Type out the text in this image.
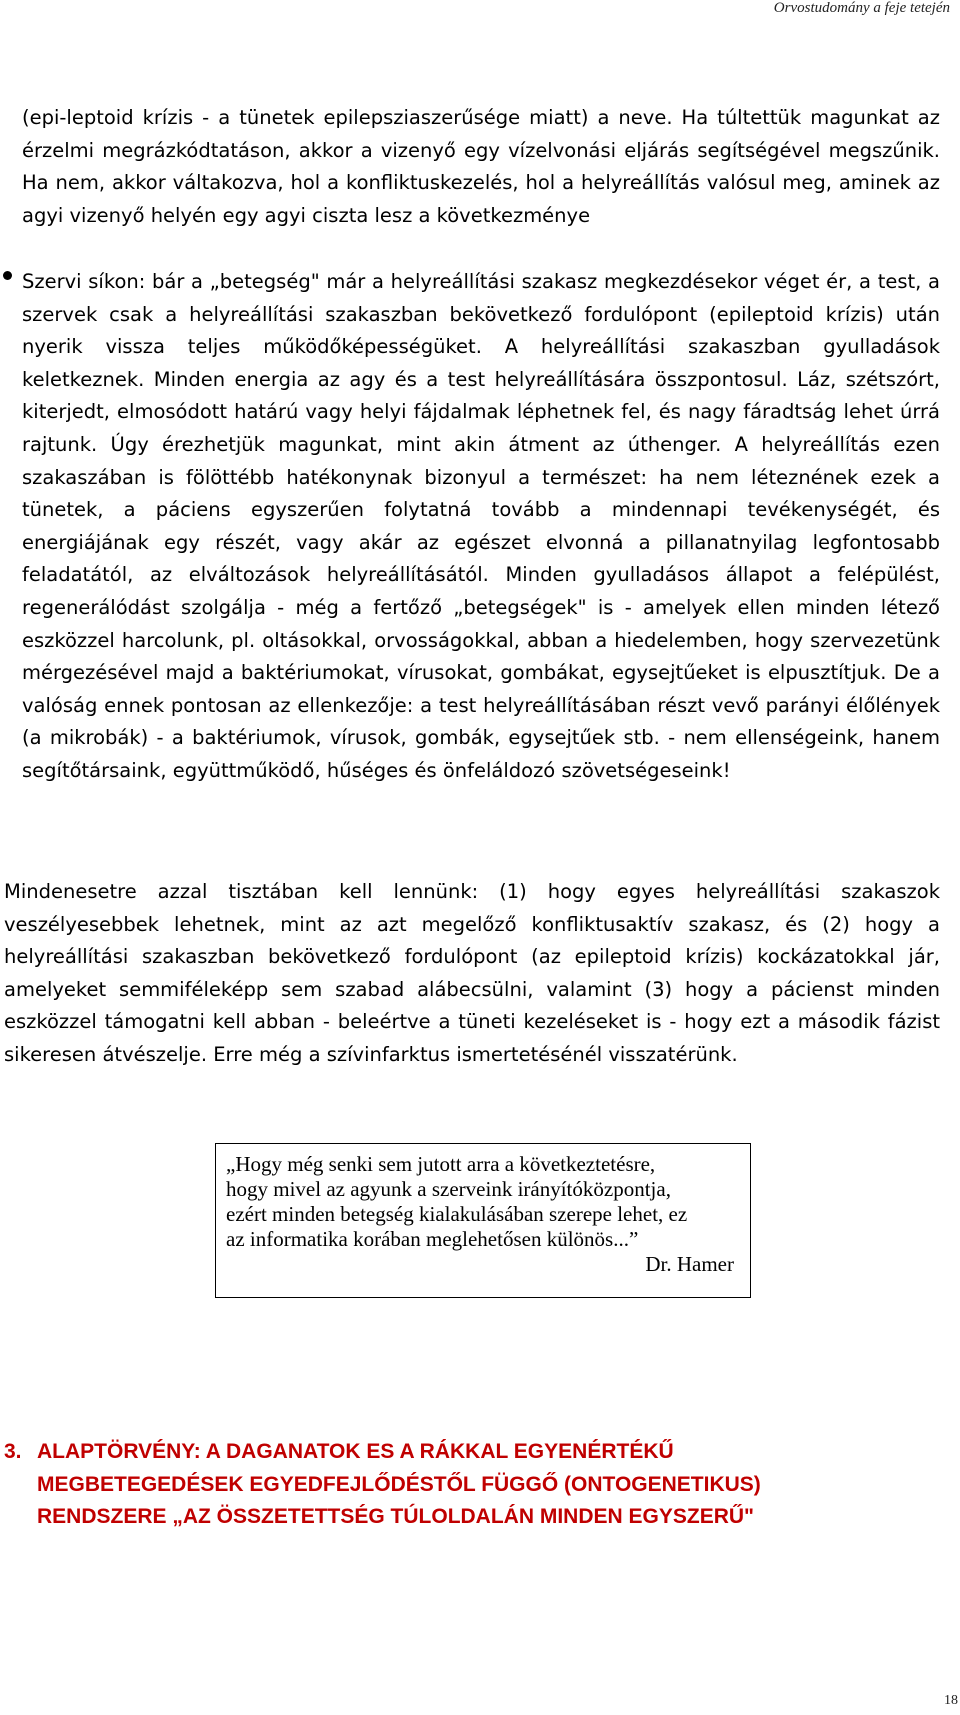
Orvostudomány a feje tetején

(epi-leptoid krízis - a tünetek epilepsziaszerűsége miatt) a neve. Ha túltettük magunkat az érzelmi megrázkódtatáson, akkor a vizenyő egy vízelvonási eljárás segítségével megszűnik. Ha nem, akkor váltakozva, hol a konfliktuskezelés, hol a helyreállítás valósul meg, aminek az agyi vizenyő helyén egy agyi ciszta lesz a következménye

Szervi síkon: bár a „betegség" már a helyreállítási szakasz megkezdésekor véget ér, a test, a szervek csak a helyreállítási szakaszban bekövetkező fordulópont (epileptoid krízis) után nyerik vissza teljes működőképességüket. A helyreállítási szakaszban gyulladások keletkeznek. Minden energia az agy és a test helyreállítására összpontosul. Láz, szétszórt, kiterjedt, elmosódott határú vagy helyi fájdalmak léphetnek fel, és nagy fáradtság lehet úrrá rajtunk. Úgy érezhetjük magunkat, mint akin átment az úthenger. A helyreállítás ezen szakaszában is fölöttébb hatékonynak bizonyul a természet: ha nem léteznének ezek a tünetek, a páciens egyszerűen folytatná tovább a mindennapi tevékenységét, és energiájának egy részét, vagy akár az egészet elvonná a pillanatnyilag legfontosabb feladatától, az elváltozások helyreállításától. Minden gyulladásos állapot a felépülést, regenerálódást szolgálja - még a fertőző „betegségek" is - amelyek ellen minden létező eszközzel harcolunk, pl. oltásokkal, orvosságokkal, abban a hiedelemben, hogy szervezetünk mérgezésével majd a baktériumokat, vírusokat, gombákat, egysejtűeket is elpusztítjuk. De a valóság ennek pontosan az ellenkezője: a test helyreállításában részt vevő parányi élőlények (a mikrobák) - a baktériumok, vírusok, gombák, egysejtűek stb. - nem ellenségeink, hanem segítőtársaink, együttműködő, hűséges és önfeláldozó szövetségeseink!

Mindenesetre azzal tisztában kell lennünk: (1) hogy egyes helyreállítási szakaszok veszélyesebbek lehetnek, mint az azt megelőző konfliktusaktív szakasz, és (2) hogy a helyreállítási szakaszban bekövetkező fordulópont (az epileptoid krízis) kockázatokkal jár, amelyeket semmiféleképp sem szabad alábecsülni, valamint (3) hogy a pácienst minden eszközzel támogatni kell abban - beleértve a tüneti kezeléseket is - hogy ezt a második fázist sikeresen átvészelje. Erre még a szívinfarktus ismertetésénél visszatérünk.

„Hogy még senki sem jutott arra a következtetésre,
hogy mivel az agyunk a szerveink irányítóközpontja,
ezért minden betegség kialakulásában szerepe lehet, ez
az informatika korában meglehetősen különös...”
Dr. Hamer
3. ALAPTÖRVÉNY: A DAGANATOK ES A RÁKKAL EGYENÉRTÉKŰ
MEGBETEGEDÉSEK EGYEDFEJLŐDÉSTŐL FÜGGŐ (ONTOGENETIKUS)
RENDSZERE „AZ ÖSSZETETTSÉG TÚLOLDALÁN MINDEN EGYSZERŰ"
18
